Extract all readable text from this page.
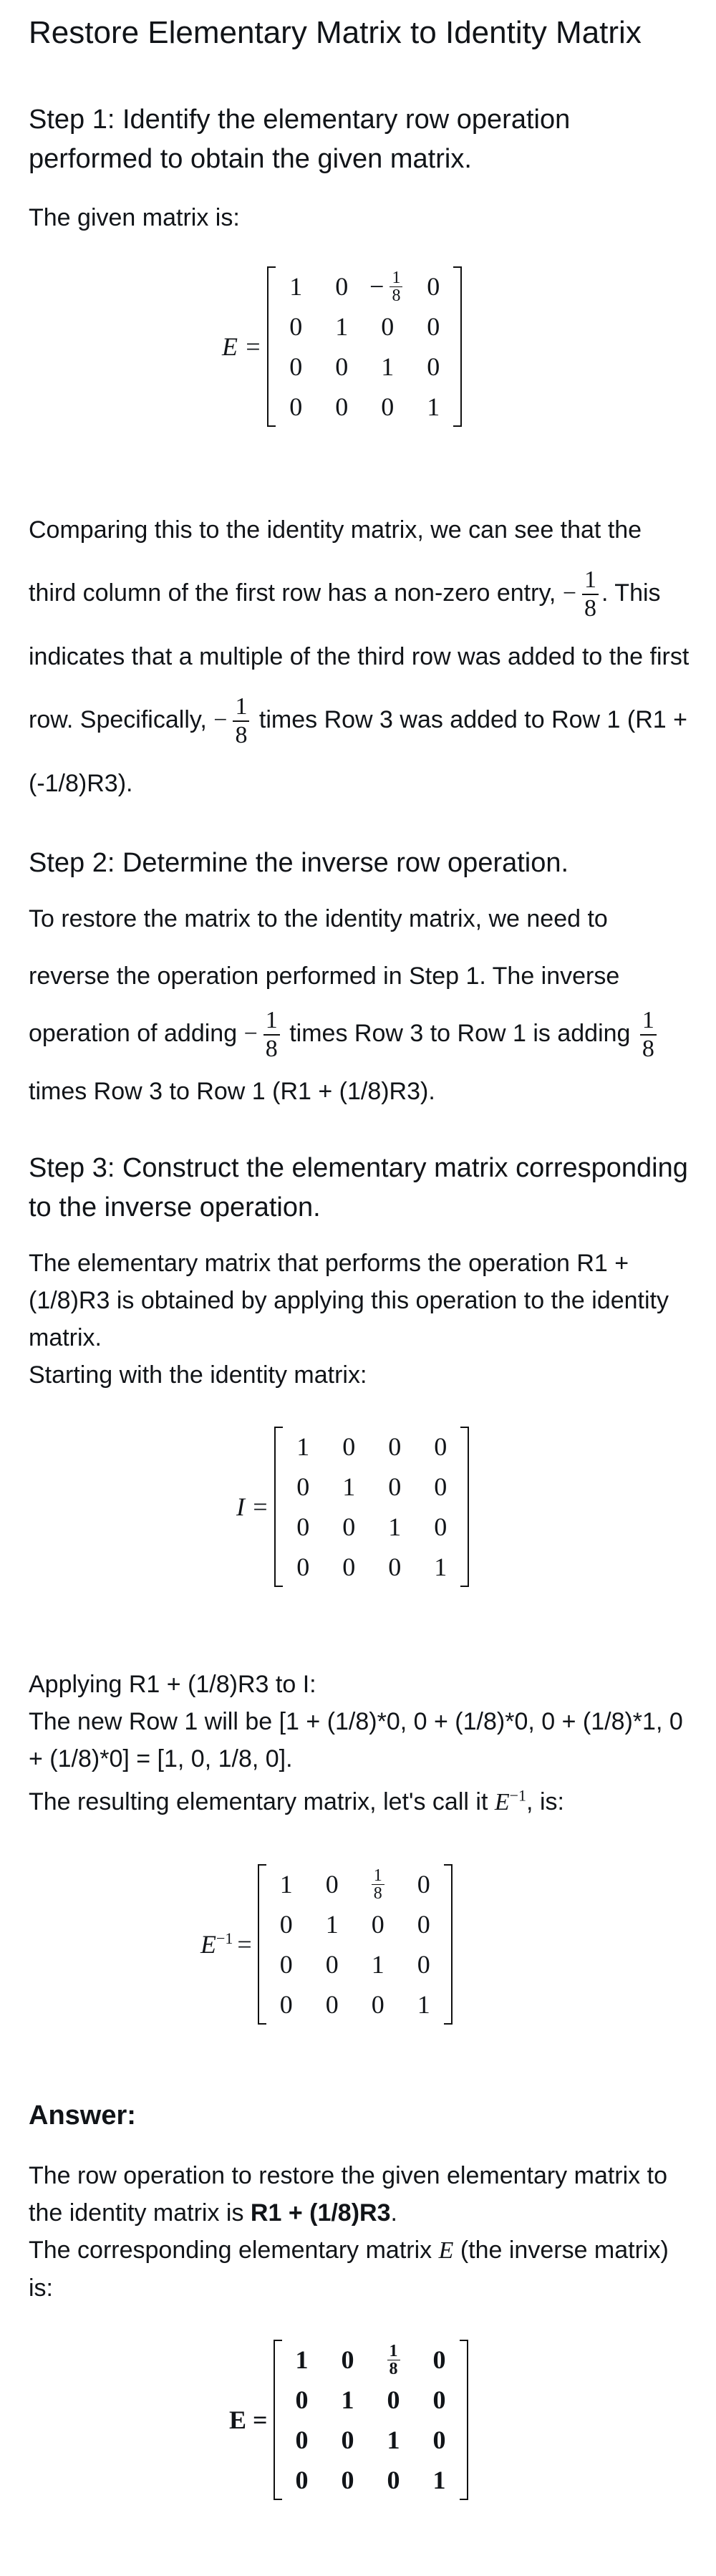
Restore Elementary Matrix to Identity Matrix
Step 1: Identify the elementary row operation performed to obtain the given matrix.
The given matrix is:
E =
1 $0 - \frac{1}{8} 0$
0 1 0 0
0 0 1 0
0 0 0 1
Comparing this to the identity matrix, we can see that the third column of the first row has a non-zero entry, − $\frac{1}{8}$ . This indicates that a multiple of the third row was added to the first row. Specifically, − $\frac{1}{8}$ times Row 3 was added to Row 1 (R1 + (-1/8)R3).
Step 2: Determine the inverse row operation.
To restore the matrix to the identity matrix, we need to reverse the operation performed in Step 1. The inverse operation of adding − $\frac{1}{8}$ times Row 3 to Row 1 is adding $\frac{1}{8}$
times Row 3 to Row 1 (R1 + (1/8)R3).
Step 3: Construct the elementary matrix corresponding to the inverse operation.
The elementary matrix that performs the operation R1 + (1/8)R3 is obtained by applying this operation to the identity matrix.
Starting with the identity matrix:
I =
1 0 0 0
0 1 0 0
0 0 1 0
0 0 0 1
Applying R1 + (1/8)R3 to I:
The new Row 1 will be [1 + (1/8)*0, 0 + (1/8)*0, 0 + (1/8)*1, 0 + (1/8)*0] = [1, 0, 1/8, 0].
The resulting elementary matrix, let's call it $E^{-1}$, is:
$E^{-1}$ =
1 $0 \frac{1}{8} 0$
0 1 0 0
0 0 1 0
0 0 0 1
Answer:
The row operation to restore the given elementary matrix to the identity matrix is R1 + (1/8)R3.
The corresponding elementary matrix E (the inverse matrix) is:
E =
1 $0 \frac{1}{8} 0$
0 1 0 0
0 0 1 0
0 0 0 1
